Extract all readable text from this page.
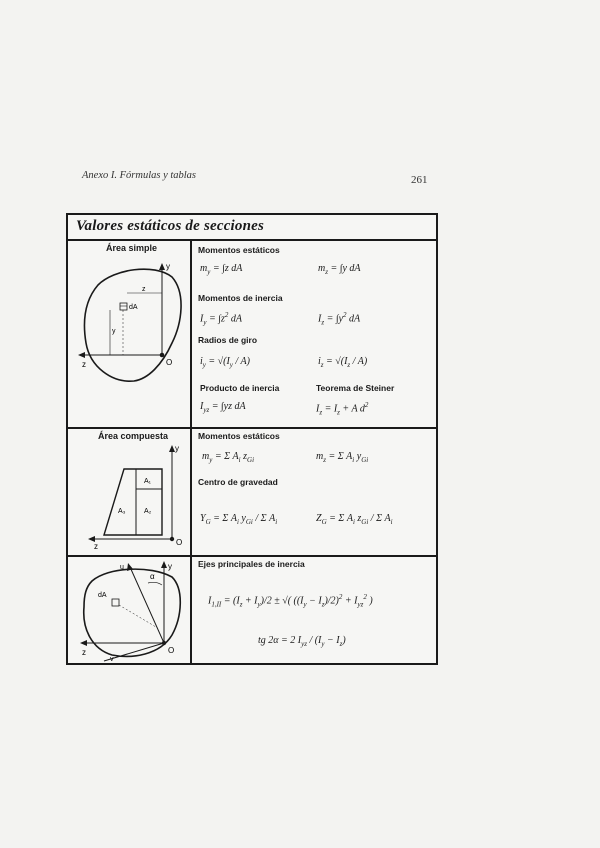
Anexo I. Fórmulas y tablas	261
Valores estáticos de secciones
Área simple
y
z
z
dA
y
O
Momentos estáticos
$m_y = \int z$ dA	$m_z = \int y$ dA
Momentos de inercia
$I_y = \int z^2$ dA	$I_z = \int y^2$ dA
Radios de giro
$i_y = √(I_y / A)$	$i_z = √(I_z / A)$
Producto de inercia	Teorema de Steiner
$I_{yz} = \int yz$ dA	$I_z = I_z + A$ $d^2$
Área compuesta
y
z
A₁
A₂
A₃
O
Momentos estáticos
$m_y = \Sigma$ $A_i$ $z_{Gi}$	$m_z = \Sigma$ $A_i$ $y_{Gi}$
Centro de gravedad
$Y_G = \Sigma$ $A_i$ $y_{Gi}$ / Σ $A_i$	$Z_G = \Sigma$ $A_i$ $z_{Gi}$ / Σ $A_i$
y
u
α
dA
v
z	O
Ejes principales de inercia
$I_{1,II} = (I_z + I_y)/2$ ± √( $((I_y - I_z)/2)^2 + I_{yz}^2$ )
tg 2α = 2 $I_{yz} / (I_y - I_z)$
